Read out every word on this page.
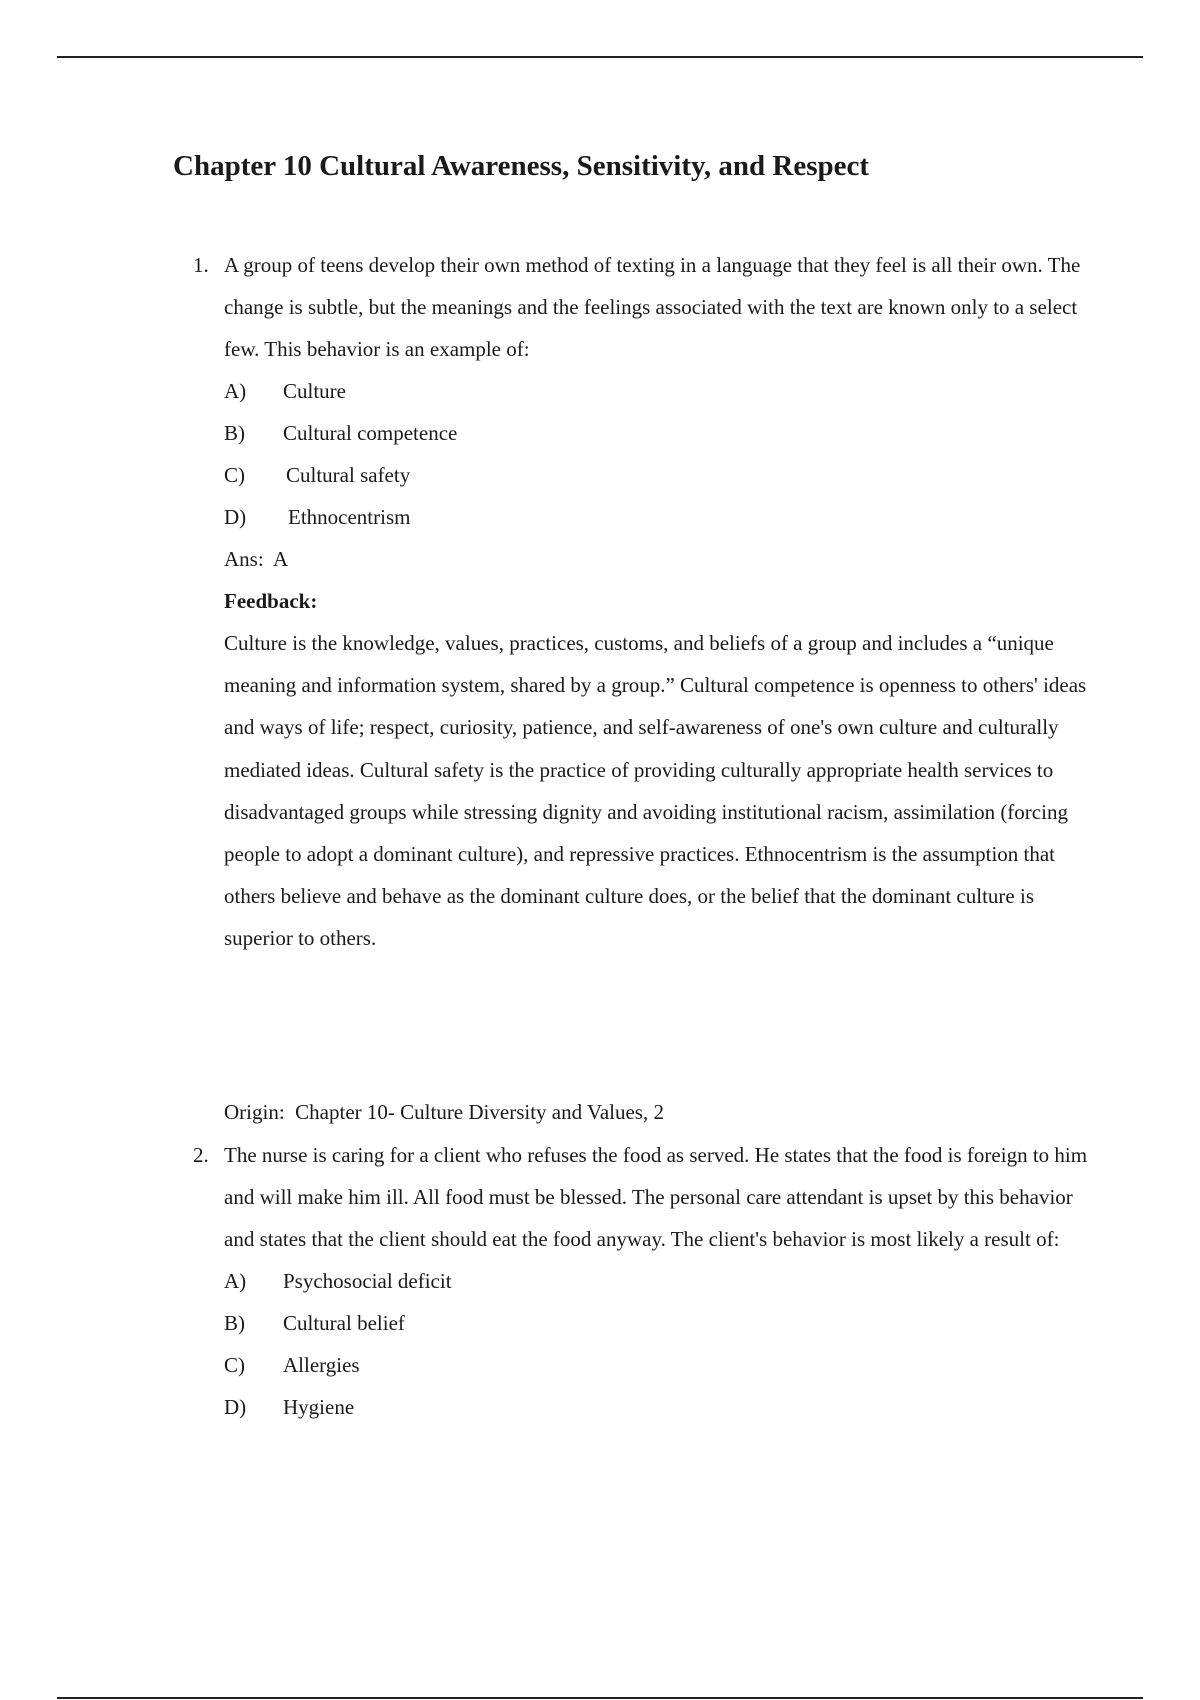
Chapter 10 Cultural Awareness, Sensitivity, and Respect
1. A group of teens develop their own method of texting in a language that they feel is all their own. The change is subtle, but the meanings and the feelings associated with the text are known only to a select few. This behavior is an example of:

A)	Culture
B)	Cultural competence
C)	Cultural safety
D)	Ethnocentrism
Ans: A
Feedback:

Culture is the knowledge, values, practices, customs, and beliefs of a group and includes a “unique meaning and information system, shared by a group.” Cultural competence is openness to others' ideas and ways of life; respect, curiosity, patience, and self-awareness of one's own culture and culturally mediated ideas. Cultural safety is the practice of providing culturally appropriate health services to disadvantaged groups while stressing dignity and avoiding institutional racism, assimilation (forcing people to adopt a dominant culture), and repressive practices. Ethnocentrism is the assumption that others believe and behave as the dominant culture does, or the belief that the dominant culture is superior to others.

Origin: Chapter 10- Culture Diversity and Values, 2
2. The nurse is caring for a client who refuses the food as served. He states that the food is foreign to him and will make him ill. All food must be blessed. The personal care attendant is upset by this behavior and states that the client should eat the food anyway. The client's behavior is most likely a result of:

A)	Psychosocial deficit
B)	Cultural belief
C)	Allergies
D)	Hygiene
